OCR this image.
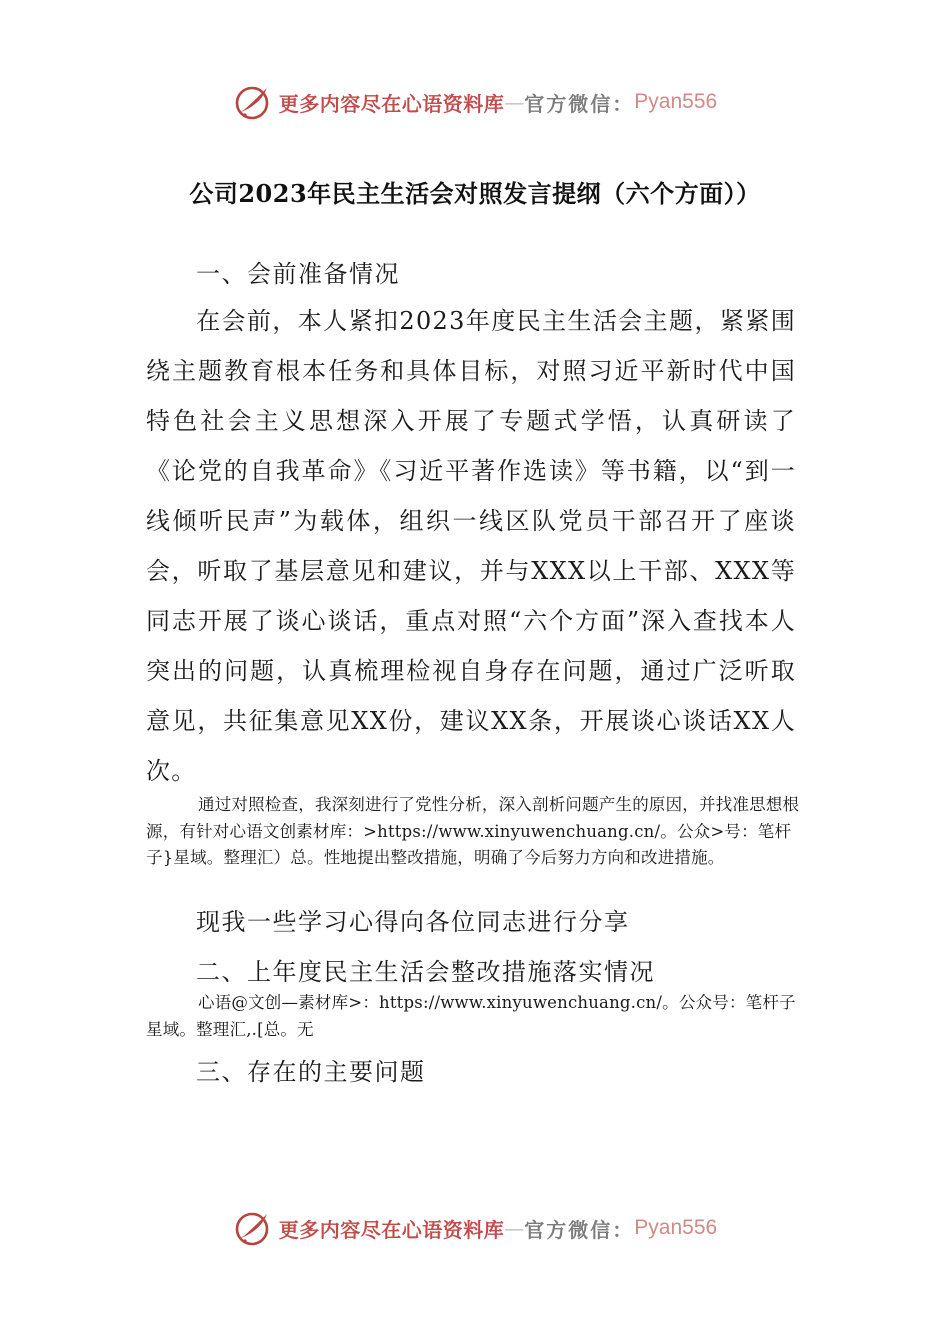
更多内容尽在心语资料库 — 官方微信： Pyan556
公司2023年民主生活会对照发言提纲（六个方面））
一、会前准备情况
在会前，本人紧扣2023年度民主生活会主题，紧紧围绕主题教育根本任务和具体目标，对照习近平新时代中国特色社会主义思想深入开展了专题式学悟，认真研读了《论党的自我革命》《习近平著作选读》等书籍，以“到一线倾听民声”为载体，组织一线区队党员干部召开了座谈会，听取了基层意见和建议，并与XXX以上干部、XXX等同志开展了谈心谈话，重点对照“六个方面”深入查找本人突出的问题，认真梳理检视自身存在问题，通过广泛听取意见，共征集意见XX份，建议XX条，开展谈心谈话XX人次。
通过对照检查，我深刻进行了党性分析，深入剖析问题产生的原因，并找准思想根源，有针对心语文创素材库：>https://www.xinyuwenchuang.cn/。公众>号：笔杆子}星域。整理汇）总。性地提出整改措施，明确了今后努力方向和改进措施。
现我一些学习心得向各位同志进行分享
二、上年度民主生活会整改措施落实情况
心语@文创—素材库>：https://www.xinyuwenchuang.cn/。公众号：笔杆子星域。整理汇,.[总。无
三、存在的主要问题
更多内容尽在心语资料库 — 官方微信： Pyan556
